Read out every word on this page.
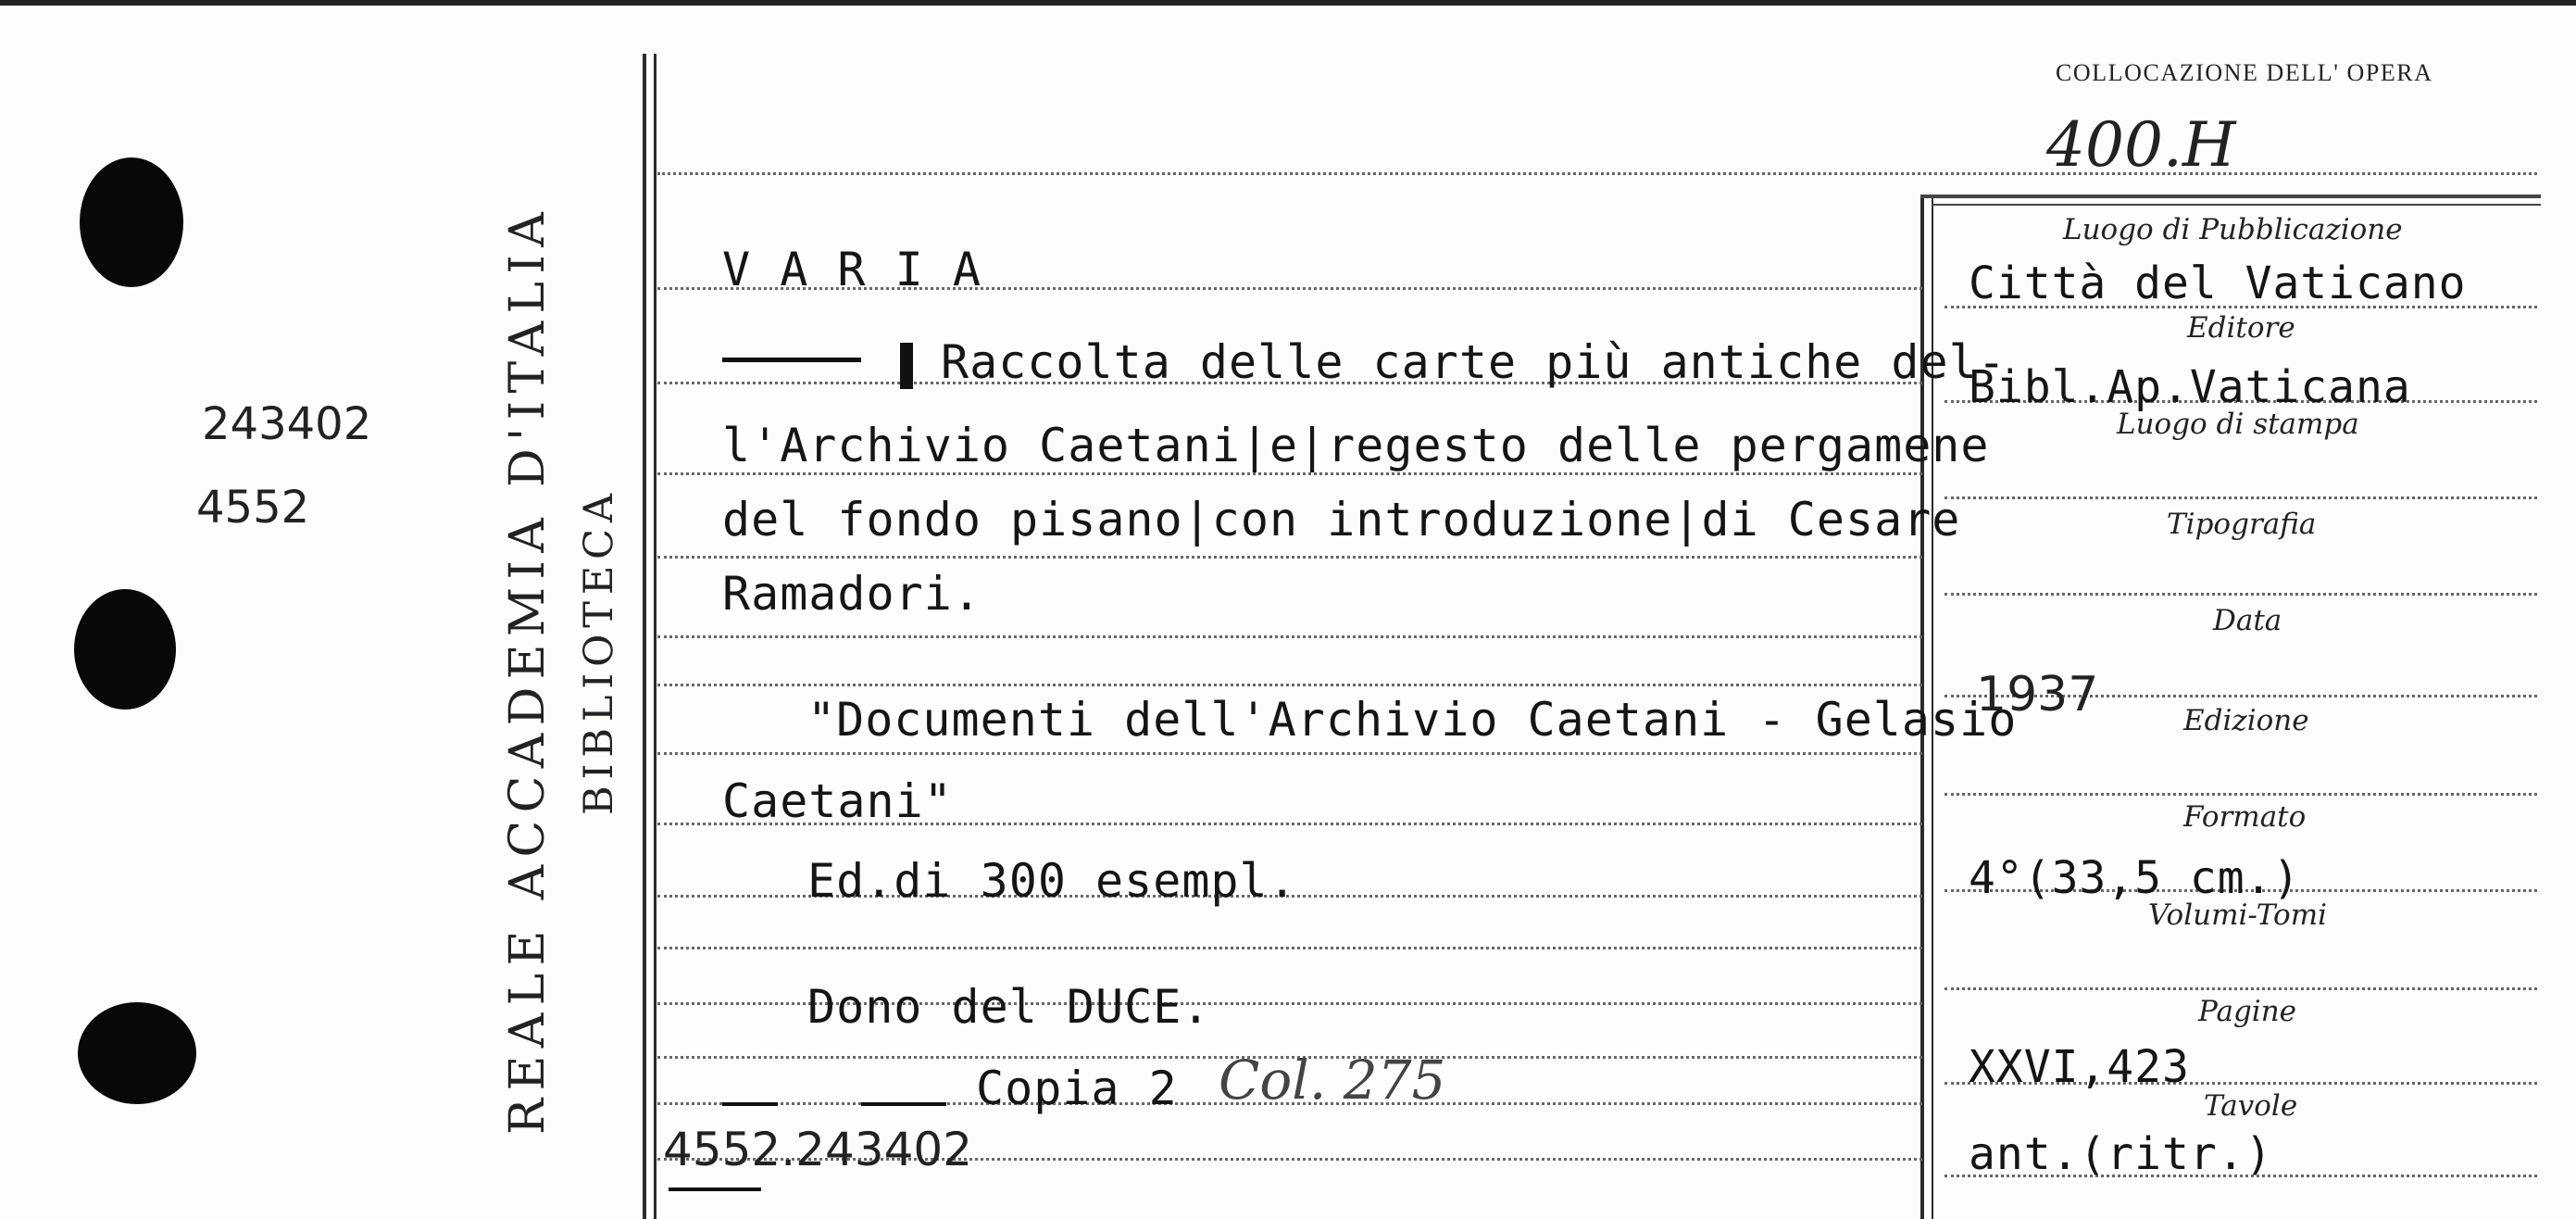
243402
4552	REALE ACCADEMIA D'ITALIA BIBLIOTECA
COLLOCAZIONE DELL' OPERA
400.H
V A R I A
Raccolta delle carte più antiche del-
l'Archivio Caetani|e|regesto delle pergamene
del fondo pisano|con introduzione|di Cesare
Ramadori.
"Documenti dell'Archivio Caetani - Gelasio
Caetani"
Ed.di 300 esempl.
Dono del DUCE.
Copia 2 Col. 275
4552.243402
Luogo di Pubblicazione
Città del Vaticano
Editore
Bibl.Ap.Vaticana
Luogo di stampa
Tipografia
Data
1937	Edizione
Formato
4°(33,5 cm.)
Volumi-Tomi
Pagine
XXVI,423
Tavole
ant.(ritr.)
